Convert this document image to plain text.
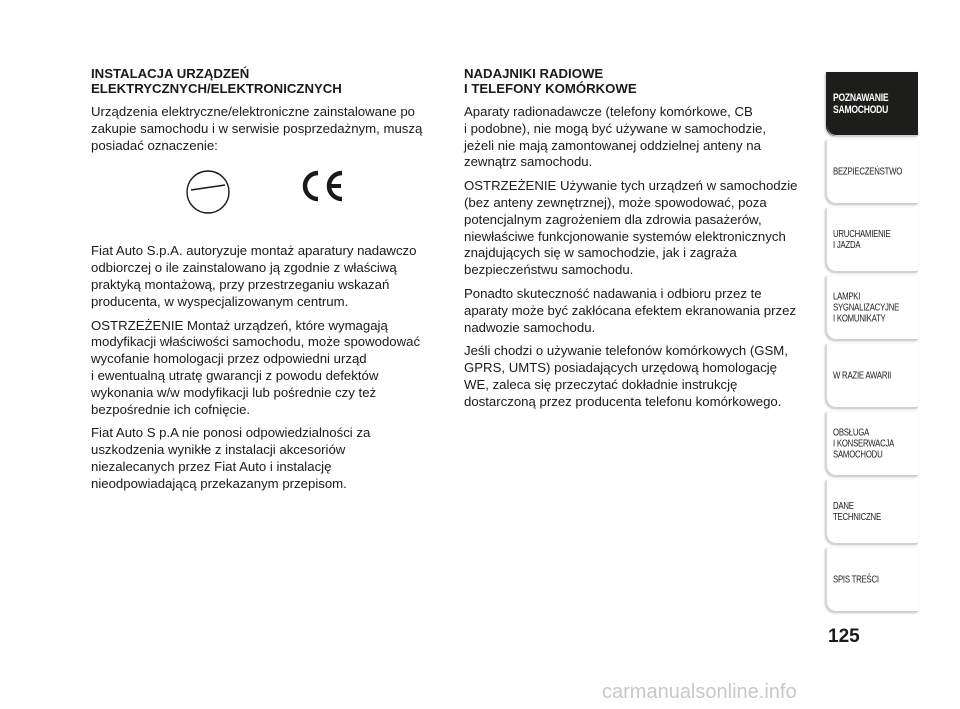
INSTALACJA URZĄDZEŃ
ELEKTRYCZNYCH/ELEKTRONICZNYCH
Urządzenia elektryczne/elektroniczne zainstalowane po
zakupie samochodu i w serwisie posprzedażnym, muszą
posiadać oznaczenie:
Fiat Auto S.p.A. autoryzuje montaż aparatury nadawczo
odbiorczej o ile zainstalowano ją zgodnie z właściwą
praktyką montażową, przy przestrzeganiu wskazań
producenta, w wyspecjalizowanym centrum.
OSTRZEŻENIE Montaż urządzeń, które wymagają
modyfikacji właściwości samochodu, może spowodować
wycofanie homologacji przez odpowiedni urząd
i ewentualną utratę gwarancji z powodu defektów
wykonania w/w modyfikacji lub pośrednie czy też
bezpośrednie ich cofnięcie.
Fiat Auto S p.A nie ponosi odpowiedzialności za
uszkodzenia wynikłe z instalacji akcesoriów
niezalecanych przez Fiat Auto i instalację
nieodpowiadającą przekazanym przepisom.
NADAJNIKI RADIOWE
I TELEFONY KOMÓRKOWE
Aparaty radionadawcze (telefony komórkowe, CB
i podobne), nie mogą być używane w samochodzie,
jeżeli nie mają zamontowanej oddzielnej anteny na
zewnątrz samochodu.
OSTRZEŻENIE Używanie tych urządzeń w samochodzie
(bez anteny zewnętrznej), może spowodować, poza
potencjalnym zagrożeniem dla zdrowia pasażerów,
niewłaściwe funkcjonowanie systemów elektronicznych
znajdujących się w samochodzie, jak i zagraża
bezpieczeństwu samochodu.
Ponadto skuteczność nadawania i odbioru przez te
aparaty może być zakłócana efektem ekranowania przez
nadwozie samochodu.
Jeśli chodzi o używanie telefonów komórkowych (GSM,
GPRS, UMTS) posiadających urzędową homologację
WE, zaleca się przeczytać dokładnie instrukcję
dostarczoną przez producenta telefonu komórkowego.
POZNAWANIE
SAMOCHODU
BEZPIECZEŃSTWO
URUCHAMIENIE
I JAZDA
LAMPKI
SYGNALIZACYJNE
I KOMUNIKATY
W RAZIE AWARII
OBSŁUGA
I KONSERWACJA
SAMOCHODU
DANE TECHNICZNE
SPIS TREŚCI
125
carmanualsonline.info
